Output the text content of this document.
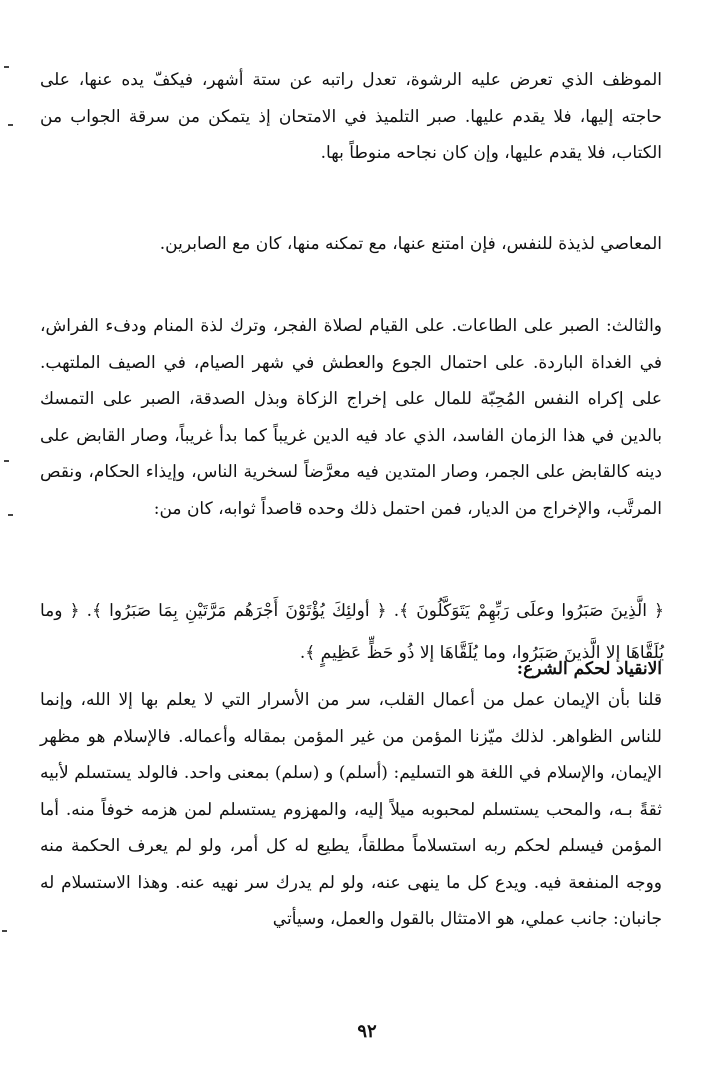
الموظف الذي تعرض عليه الرشوة، تعدل راتبه عن ستة أشهر، فيكفّ يده عنها، على حاجته إليها، فلا يقدم عليها. صبر التلميذ في الامتحان إذ يتمكن من سرقة الجواب من الكتاب، فلا يقدم عليها، وإن كان نجاحه منوطاً بها.

المعاصي لذيذة للنفس، فإن امتنع عنها، مع تمكنه منها، كان مع الصابرين.

والثالث: الصبر على الطاعات. على القيام لصلاة الفجر، وترك لذة المنام ودفء الفراش، في الغداة الباردة. على احتمال الجوع والعطش في شهر الصيام، في الصيف الملتهب. على إكراه النفس المُحِبّة للمال على إخراج الزكاة وبذل الصدقة، الصبر على التمسك بالدين في هذا الزمان الفاسد، الذي عاد فيه الدين غريباً كما بدأ غريباً، وصار القابض على دينه كالقابض على الجمر، وصار المتدين فيه معرَّضاً لسخرية الناس، وإيذاء الحكام، ونقص المرتَّب، والإخراج من الديار، فمن احتمل ذلك وحده قاصداً ثوابه، كان من:

﴿ الَّذِينَ صَبَرُوا وعلَى رَبِّهِمْ يَتَوَكَّلُونَ ﴾. ﴿ أولئِكَ يُؤْتَوْنَ أَجْرَهُم مَرَّتَيْنِ بِمَا صَبَرُوا ﴾. ﴿ وما يُلَقَّاهَا إلا الَّذينَ صَبَرُوا، وما يُلَقَّاهَا إلا ذُو حَظٍّ عَظِيمٍ ﴾.

الانقياد لحكم الشرع:

قلنا بأن الإيمان عمل من أعمال القلب، سر من الأسرار التي لا يعلم بها إلا الله، وإنما للناس الظواهر. لذلك ميّزنا المؤمن من غير المؤمن بمقاله وأعماله. فالإسلام هو مظهر الإيمان، والإسلام في اللغة هو التسليم: (أسلم) و (سلم) بمعنى واحد. فالولد يستسلم لأبيه ثقةً بـه، والمحب يستسلم لمحبوبه ميلاً إليه، والمهزوم يستسلم لمن هزمه خوفاً منه. أما المؤمن فيسلم لحكم ربه استسلاماً مطلقاً، يطيع له كل أمر، ولو لم يعرف الحكمة منه ووجه المنفعة فيه. ويدع كل ما ينهى عنه، ولو لم يدرك سر نهيه عنه. وهذا الاستسلام له جانبان: جانب عملي، هو الامتثال بالقول والعمل، وسيأتي

٩٢
